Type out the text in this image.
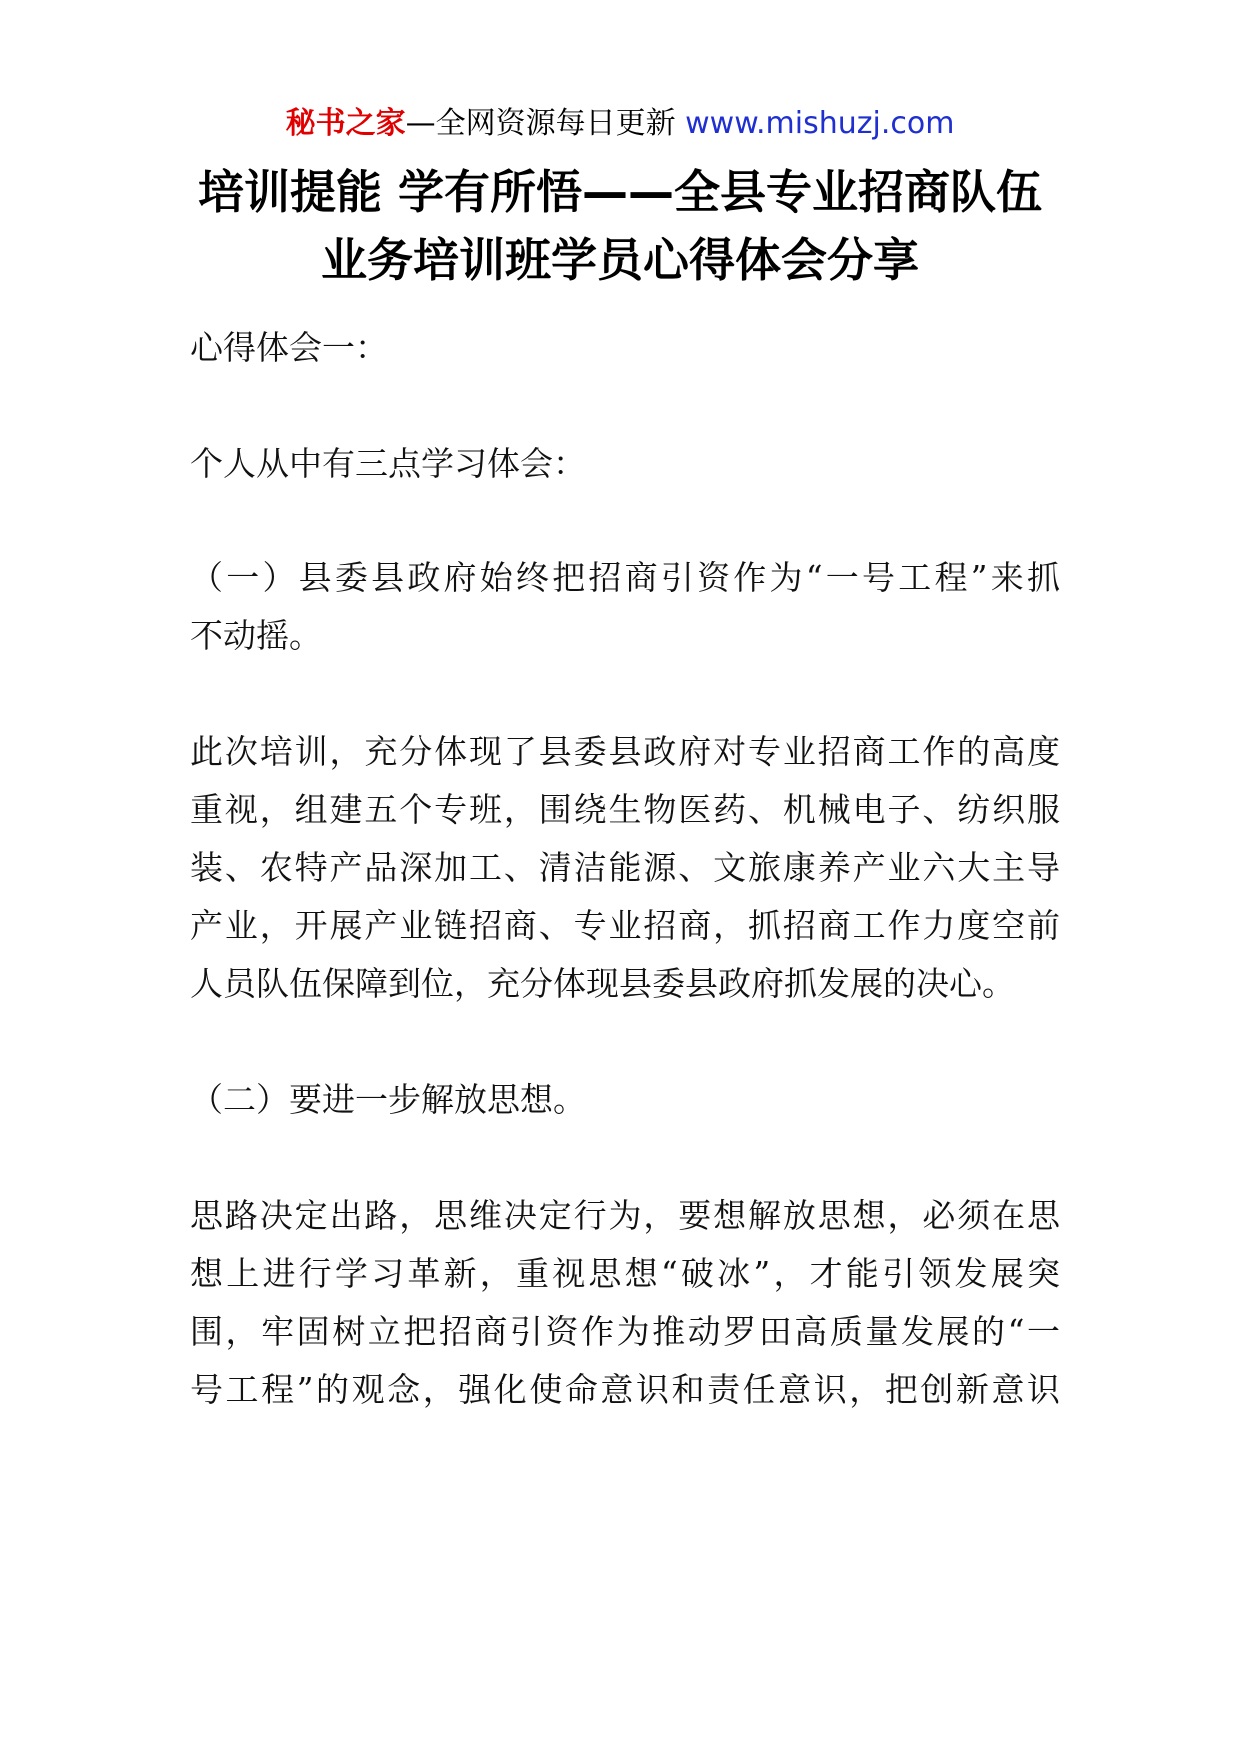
秘书之家—全网资源每日更新 www.mishuzj.com
培训提能 学有所悟——全县专业招商队伍
业务培训班学员心得体会分享
心得体会一：
个人从中有三点学习体会：
（一）县委县政府始终把招商引资作为“一号工程”来抓
不动摇。
此次培训，充分体现了县委县政府对专业招商工作的高度
重视，组建五个专班，围绕生物医药、机械电子、纺织服
装、农特产品深加工、清洁能源、文旅康养产业六大主导
产业，开展产业链招商、专业招商，抓招商工作力度空前
人员队伍保障到位，充分体现县委县政府抓发展的决心。
（二）要进一步解放思想。
思路决定出路，思维决定行为，要想解放思想，必须在思
想上进行学习革新，重视思想“破冰”，才能引领发展突
围，牢固树立把招商引资作为推动罗田高质量发展的“一
号工程”的观念，强化使命意识和责任意识，把创新意识
